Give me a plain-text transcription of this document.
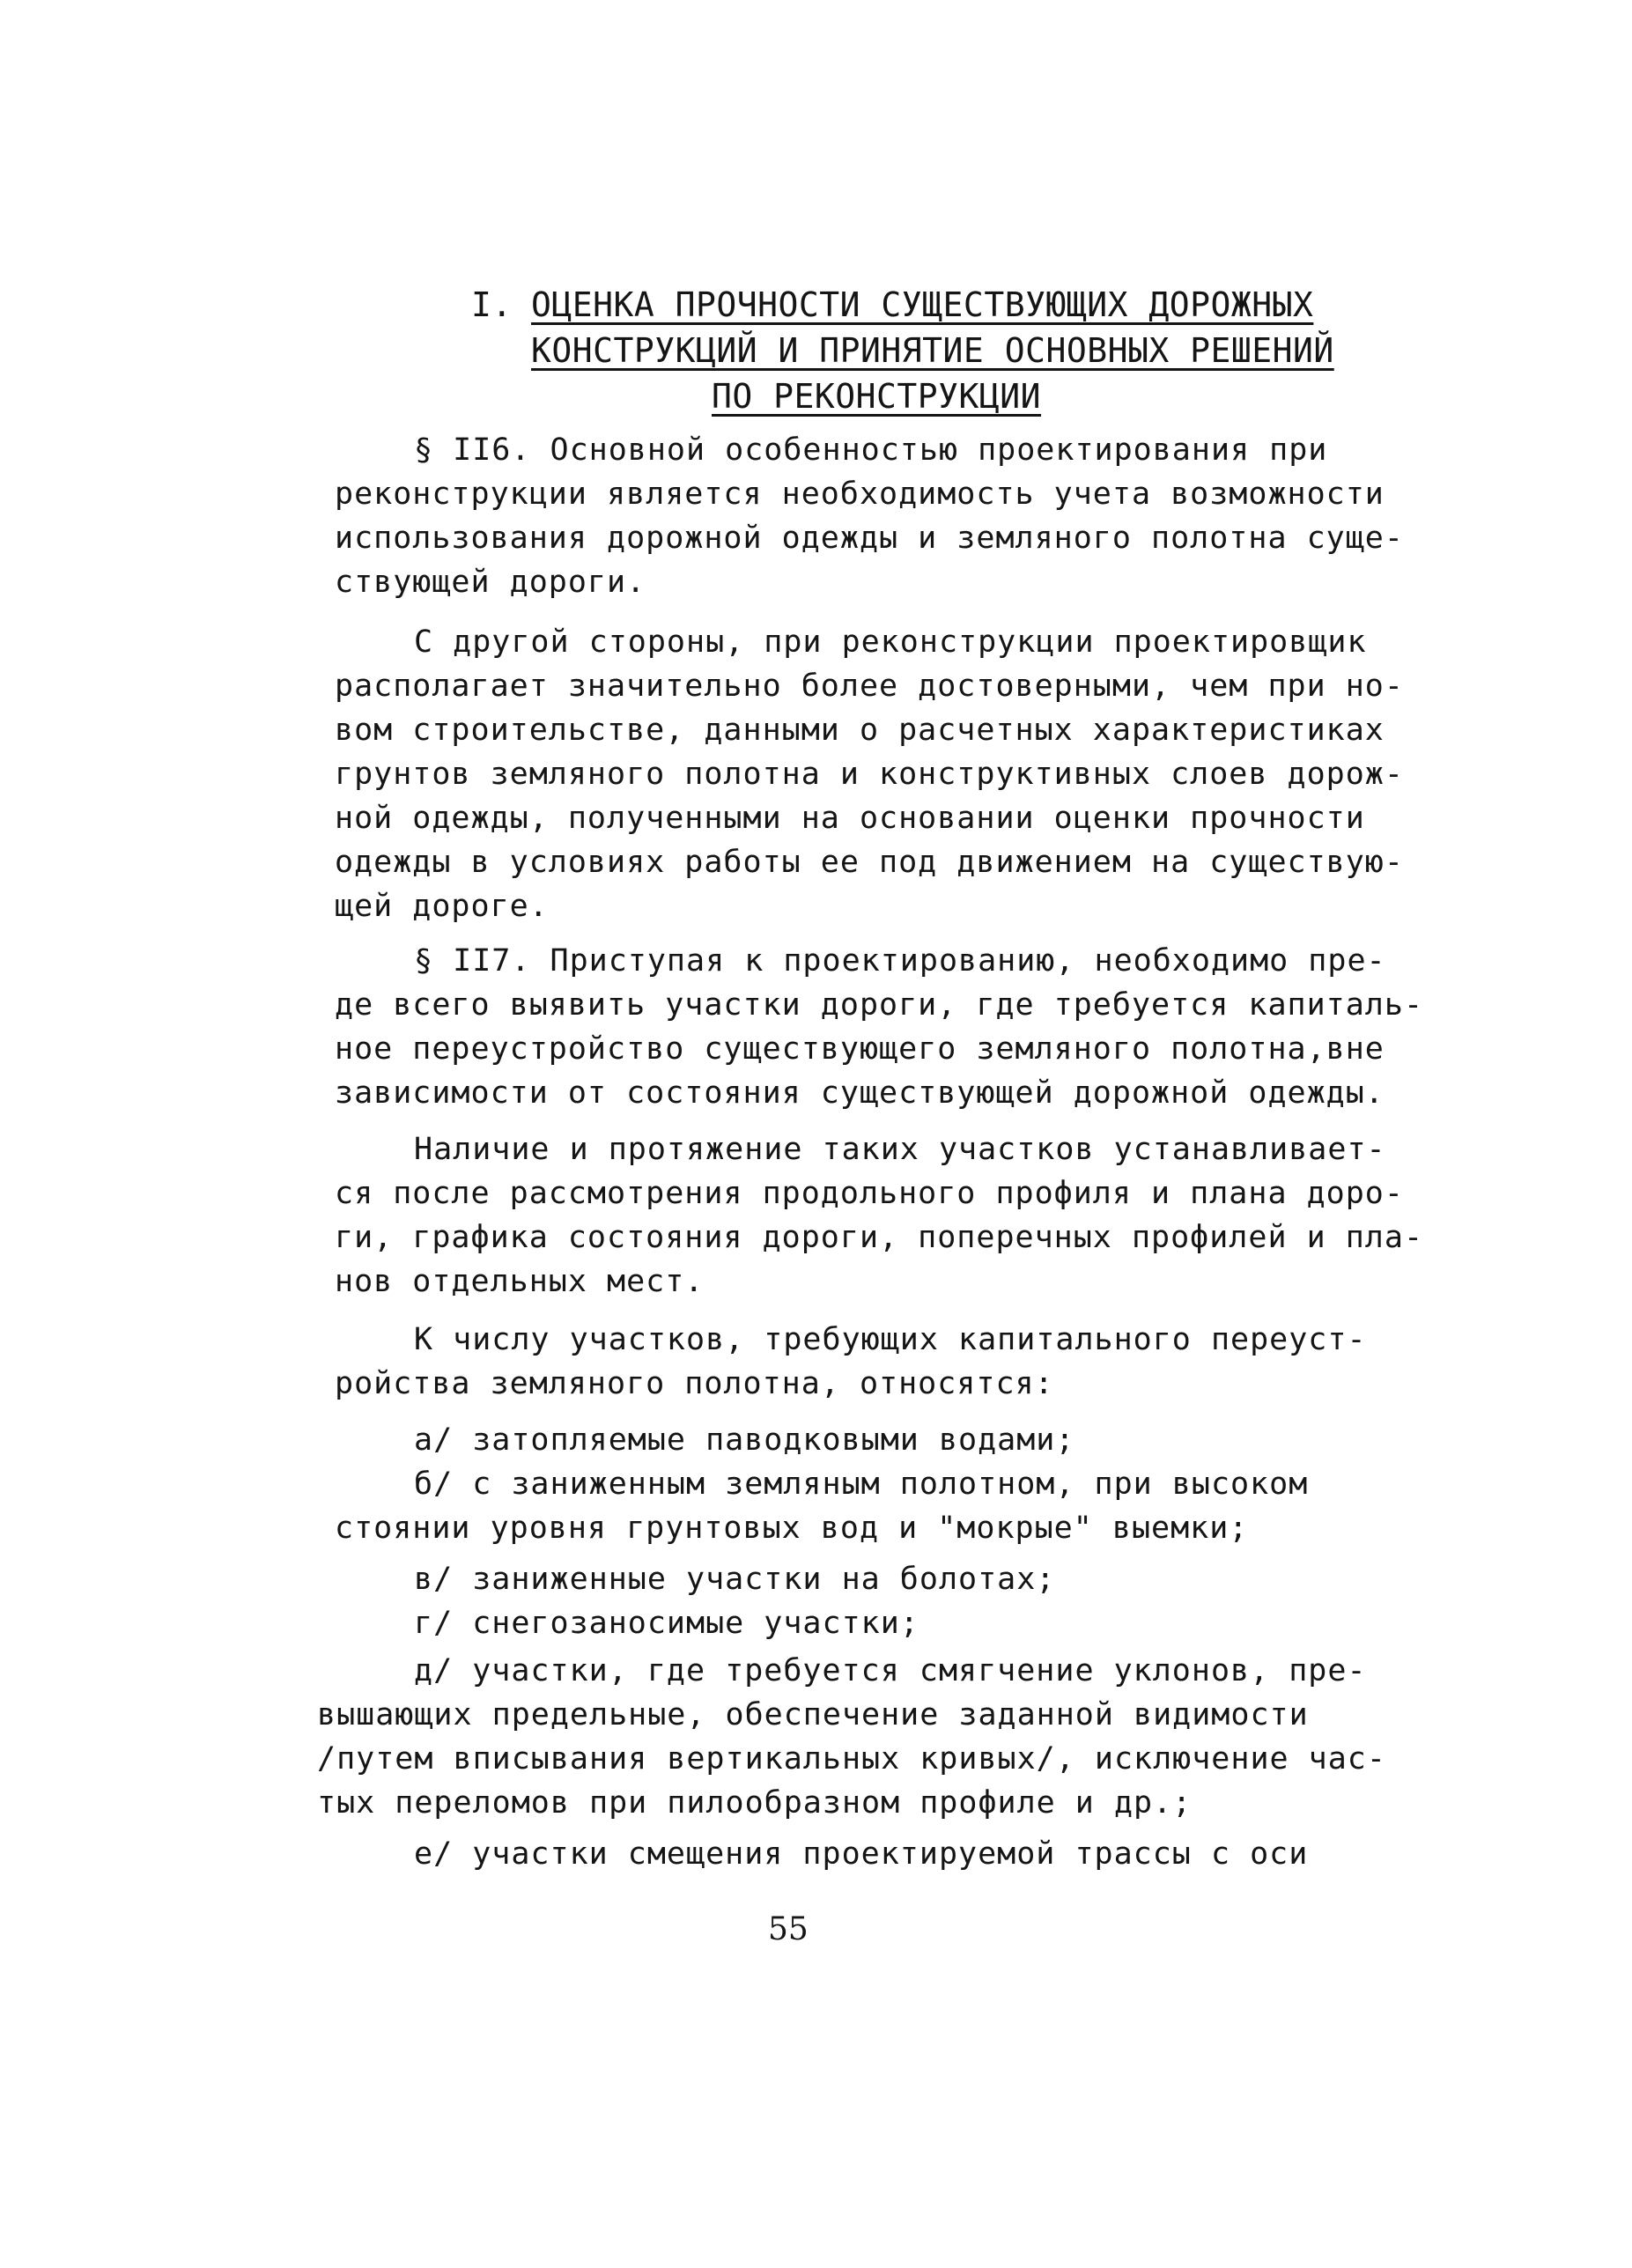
I. ОЦЕНКА ПРОЧНОСТИ СУЩЕСТВУЮЩИХ ДОРОЖНЫХ
КОНСТРУКЦИЙ И ПРИНЯТИЕ ОСНОВНЫХ РЕШЕНИЙ
ПО РЕКОНСТРУКЦИИ
§ II6. Основной особенностью проектирования при
реконструкции является необходимость учета возможности
использования дорожной одежды и земляного полотна суще-
ствующей дороги.
С другой стороны, при реконструкции проектировщик
располагает значительно более достоверными, чем при но-
вом строительстве, данными о расчетных характеристиках
грунтов земляного полотна и конструктивных слоев дорож-
ной одежды, полученными на основании оценки прочности
одежды в условиях работы ее под движением на существую-
щей дороге.
§ II7. Приступая к проектированию, необходимо пре-
де всего выявить участки дороги, где требуется капиталь-
ное переустройство существующего земляного полотна,вне
зависимости от состояния существующей дорожной одежды.
Наличие и протяжение таких участков устанавливает-
ся после рассмотрения продольного профиля и плана доро-
ги, графика состояния дороги, поперечных профилей и пла-
нов отдельных мест.
К числу участков, требующих капитального переуст-
ройства земляного полотна, относятся:
а/ затопляемые паводковыми водами;
б/ с заниженным земляным полотном, при высоком
стоянии уровня грунтовых вод и "мокрые" выемки;
в/ заниженные участки на болотах;
г/ снегозаносимые участки;
д/ участки, где требуется смягчение уклонов, пре-
вышающих предельные, обеспечение заданной видимости
/путем вписывания вертикальных кривых/, исключение час-
тых переломов при пилообразном профиле и др.;
е/ участки смещения проектируемой трассы с оси
55
